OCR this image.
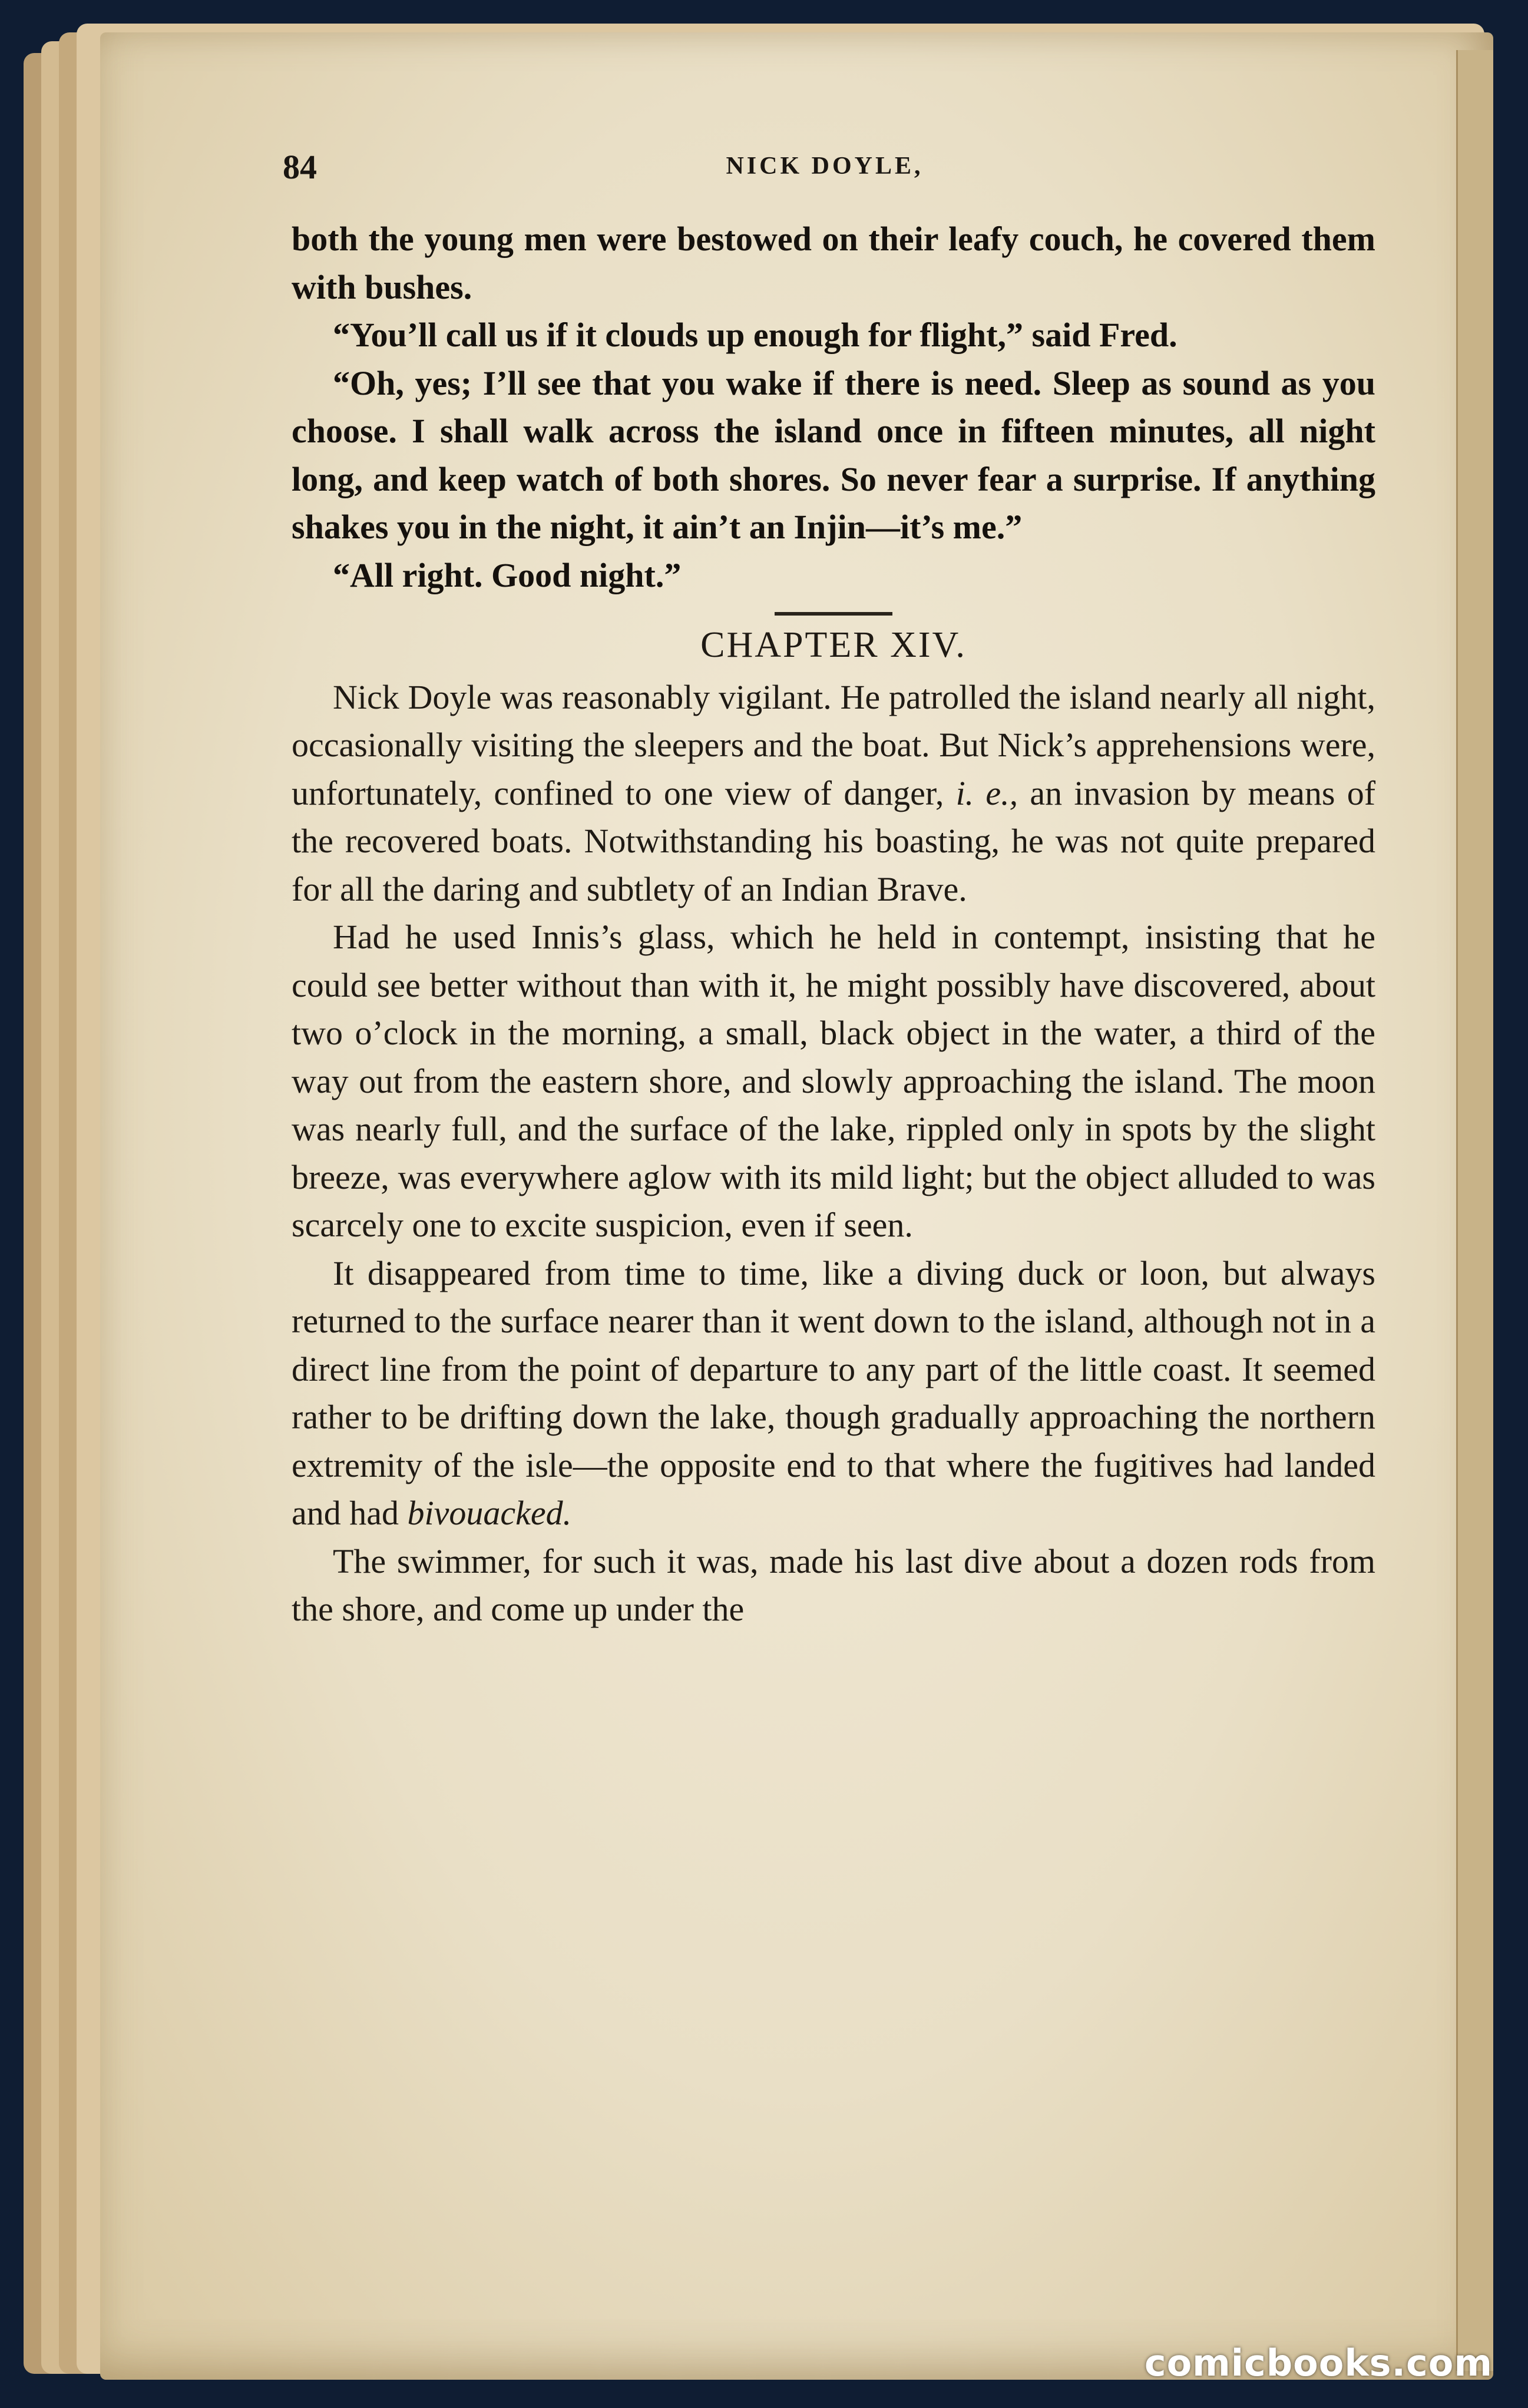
84	NICK DOYLE,

both the young men were bestowed on their leafy couch, he covered them with bushes.

“You’ll call us if it clouds up enough for flight,” said Fred.

“Oh, yes; I’ll see that you wake if there is need. Sleep as sound as you choose. I shall walk across the island once in fifteen minutes, all night long, and keep watch of both shores. So never fear a surprise. If anything shakes you in the night, it ain’t an Injin—it’s me.”

“All right. Good night.”

CHAPTER XIV.

Nick Doyle was reasonably vigilant. He patrolled the island nearly all night, occasionally visiting the sleepers and the boat. But Nick’s apprehensions were, unfortunately, confined to one view of danger, i. e., an invasion by means of the recovered boats. Notwithstanding his boasting, he was not quite prepared for all the daring and subtlety of an Indian Brave.

Had he used Innis’s glass, which he held in contempt, insisting that he could see better without than with it, he might possibly have discovered, about two o’clock in the morning, a small, black object in the water, a third of the way out from the eastern shore, and slowly approaching the island. The moon was nearly full, and the surface of the lake, rippled only in spots by the slight breeze, was everywhere aglow with its mild light; but the object alluded to was scarcely one to excite suspicion, even if seen.

It disappeared from time to time, like a diving duck or loon, but always returned to the surface nearer than it went down to the island, although not in a direct line from the point of departure to any part of the little coast. It seemed rather to be drifting down the lake, though gradually approaching the northern extremity of the isle—the opposite end to that where the fugitives had landed and had bivouacked.

The swimmer, for such it was, made his last dive about a dozen rods from the shore, and come up under the

comicbooks.com
